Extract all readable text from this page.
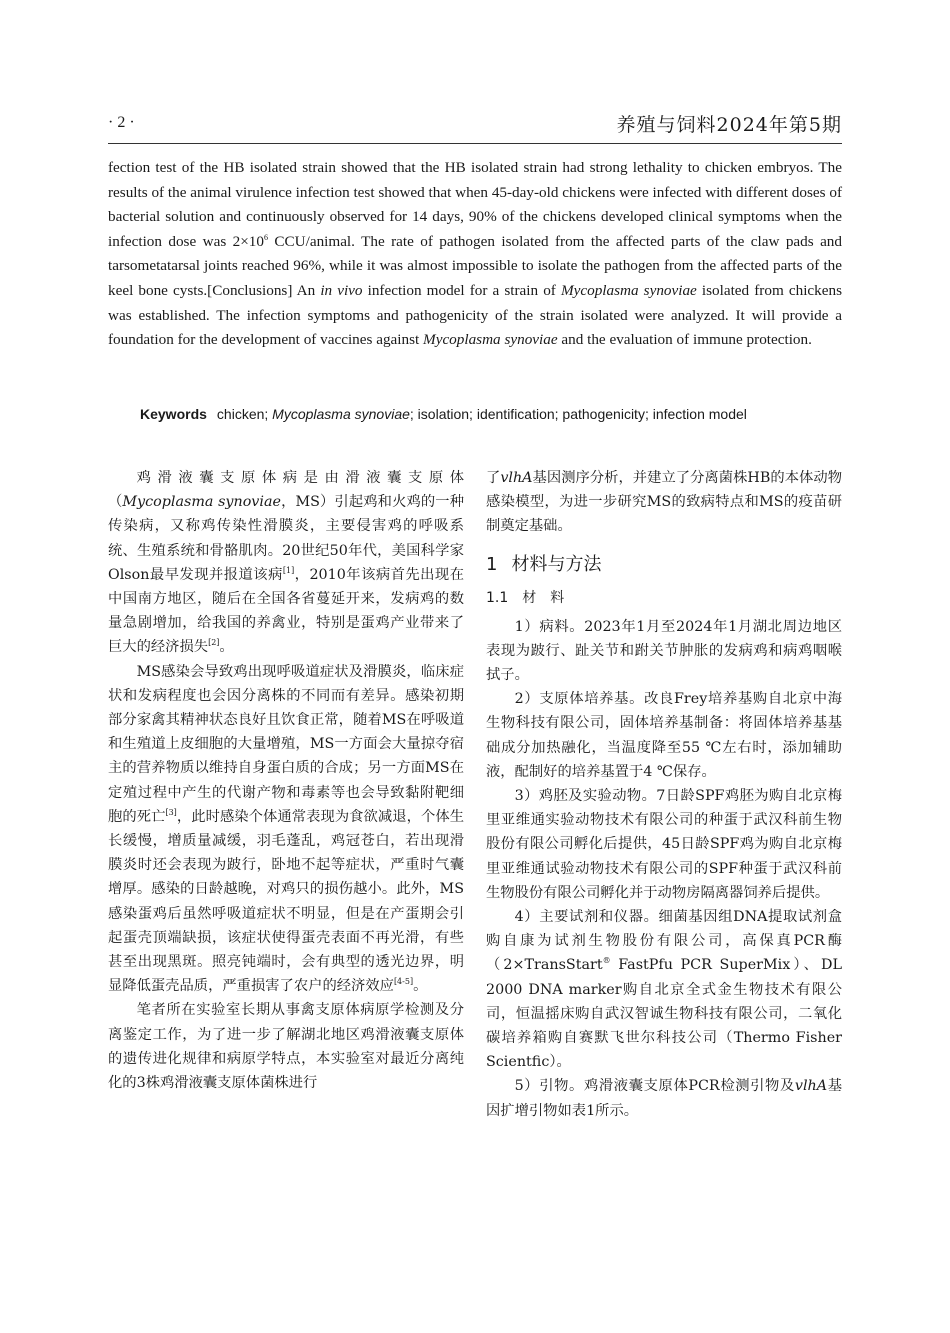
· 2 ·	养殖与饲料2024年第5期

fection test of the HB isolated strain showed that the HB isolated strain had strong lethality to chicken embryos. The results of the animal virulence infection test showed that when 45-day-old chickens were infected with different doses of bacterial solution and continuously observed for 14 days, 90% of the chickens developed clinical symptoms when the infection dose was $2\times 10^6$ CCU/animal. The rate of pathogen isolated from the affected parts of the claw pads and tarsometatarsal joints reached 96%, while it was almost impossible to isolate the pathogen from the affected parts of the keel bone cysts.[Conclusions] An in vivo infection model for a strain of Mycoplasma synoviae isolated from chickens was established. The infection symptoms and pathogenicity of the strain isolated were analyzed. It will provide a foundation for the development of vaccines against Mycoplasma synoviae and the evaluation of immune protection.

Keywords chicken; Mycoplasma synoviae; isolation; identification; pathogenicity; infection model

鸡滑液囊支原体病是由滑液囊支原体（Mycoplasma synoviae，MS）引起鸡和火鸡的一种传染病，又称鸡传染性滑膜炎，主要侵害鸡的呼吸系统、生殖系统和骨骼肌肉。20世纪50年代，美国科学家Olson最早发现并报道该病[1]，2010年该病首先出现在中国南方地区，随后在全国各省蔓延开来，发病鸡的数量急剧增加，给我国的养禽业，特别是蛋鸡产业带来了巨大的经济损失[2]。

MS感染会导致鸡出现呼吸道症状及滑膜炎，临床症状和发病程度也会因分离株的不同而有差异。感染初期部分家禽其精神状态良好且饮食正常，随着MS在呼吸道和生殖道上皮细胞的大量增殖，MS一方面会大量掠夺宿主的营养物质以维持自身蛋白质的合成；另一方面MS在定殖过程中产生的代谢产物和毒素等也会导致黏附靶细胞的死亡[3]，此时感染个体通常表现为食欲减退，个体生长缓慢，增质量减缓，羽毛蓬乱，鸡冠苍白，若出现滑膜炎时还会表现为跛行，卧地不起等症状，严重时气囊增厚。感染的日龄越晚，对鸡只的损伤越小。此外，MS感染蛋鸡后虽然呼吸道症状不明显，但是在产蛋期会引起蛋壳顶端缺损，该症状使得蛋壳表面不再光滑，有些甚至出现黑斑。照亮钝端时，会有典型的透光边界，明显降低蛋壳品质，严重损害了农户的经济效应[4-5]。

笔者所在实验室长期从事禽支原体病原学检测及分离鉴定工作，为了进一步了解湖北地区鸡滑液囊支原体的遗传进化规律和病原学特点，本实验室对最近分离纯化的3株鸡滑液囊支原体菌株进行

了vlhA基因测序分析，并建立了分离菌株HB的本体动物感染模型，为进一步研究MS的致病特点和MS的疫苗研制奠定基础。

1 材料与方法

1.1 材　料

1）病料。2023年1月至2024年1月湖北周边地区表现为跛行、趾关节和跗关节肿胀的发病鸡和病鸡咽喉拭子。

2）支原体培养基。改良Frey培养基购自北京中海生物科技有限公司，固体培养基制备：将固体培养基基础成分加热融化，当温度降至55 ℃左右时，添加辅助液，配制好的培养基置于4 ℃保存。

3）鸡胚及实验动物。7日龄SPF鸡胚为购自北京梅里亚维通实验动物技术有限公司的种蛋于武汉科前生物股份有限公司孵化后提供，45日龄SPF鸡为购自北京梅里亚维通试验动物技术有限公司的SPF种蛋于武汉科前生物股份有限公司孵化并于动物房隔离器饲养后提供。

4）主要试剂和仪器。细菌基因组DNA提取试剂盒购自康为试剂生物股份有限公司，高保真PCR酶（2×TransStart® FastPfu PCR SuperMix）、DL 2000 DNA marker购自北京全式金生物技术有限公司，恒温摇床购自武汉智诚生物科技有限公司，二氧化碳培养箱购自赛默飞世尔科技公司（Thermo Fisher Scientfic）。

5）引物。鸡滑液囊支原体PCR检测引物及vlhA基因扩增引物如表1所示。
